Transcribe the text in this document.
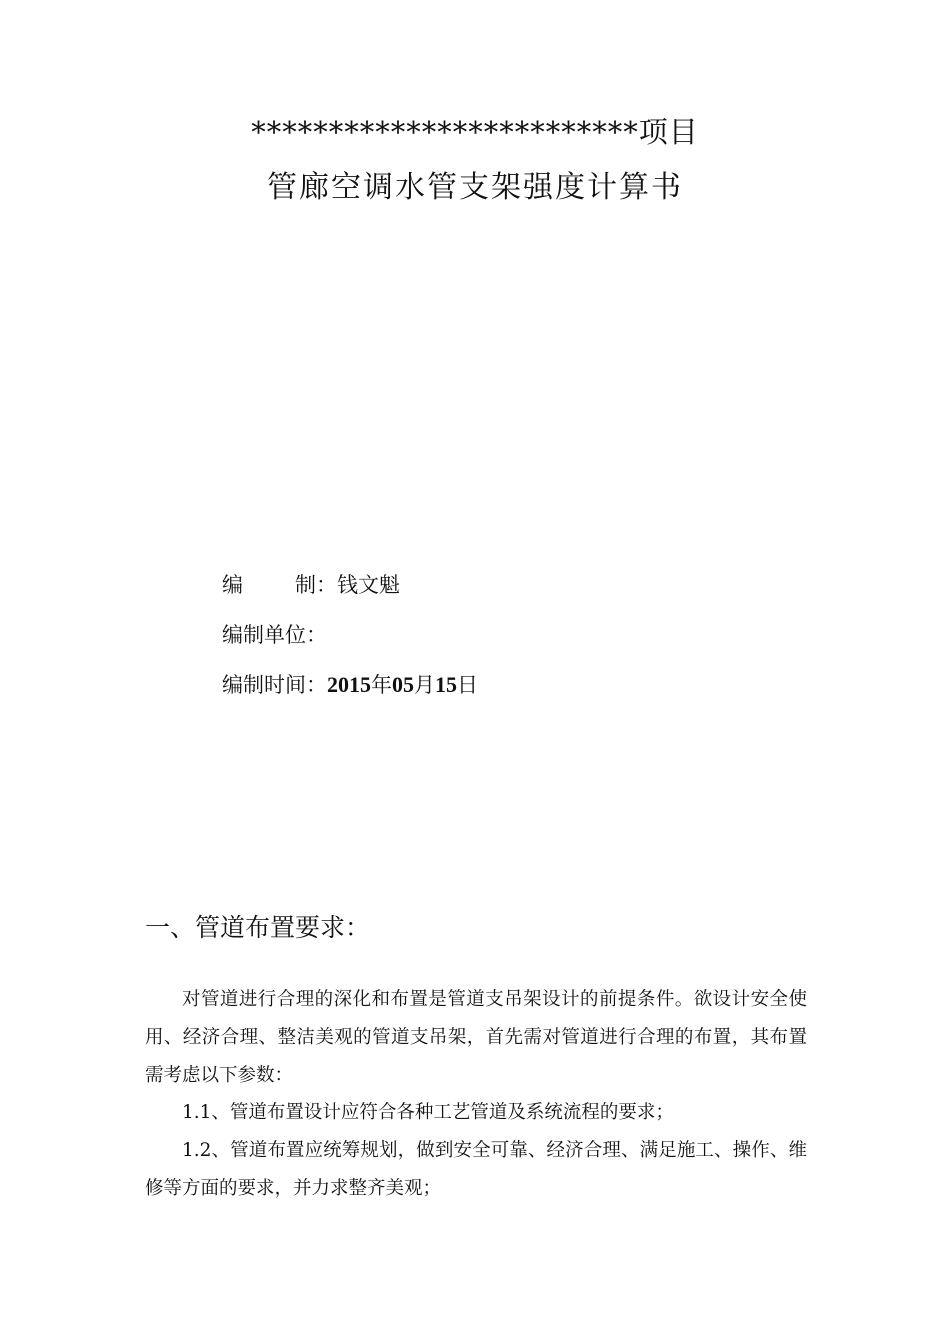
*************************项目
管廊空调水管支架强度计算书
编 制：钱文魁
编制单位：
编制时间：2015年05月15日
一、管道布置要求：
对管道进行合理的深化和布置是管道支吊架设计的前提条件。欲设计安全使用、经济合理、整洁美观的管道支吊架，首先需对管道进行合理的布置，其布置需考虑以下参数：
1.1、管道布置设计应符合各种工艺管道及系统流程的要求；
1.2、管道布置应统筹规划，做到安全可靠、经济合理、满足施工、操作、维修等方面的要求，并力求整齐美观；
